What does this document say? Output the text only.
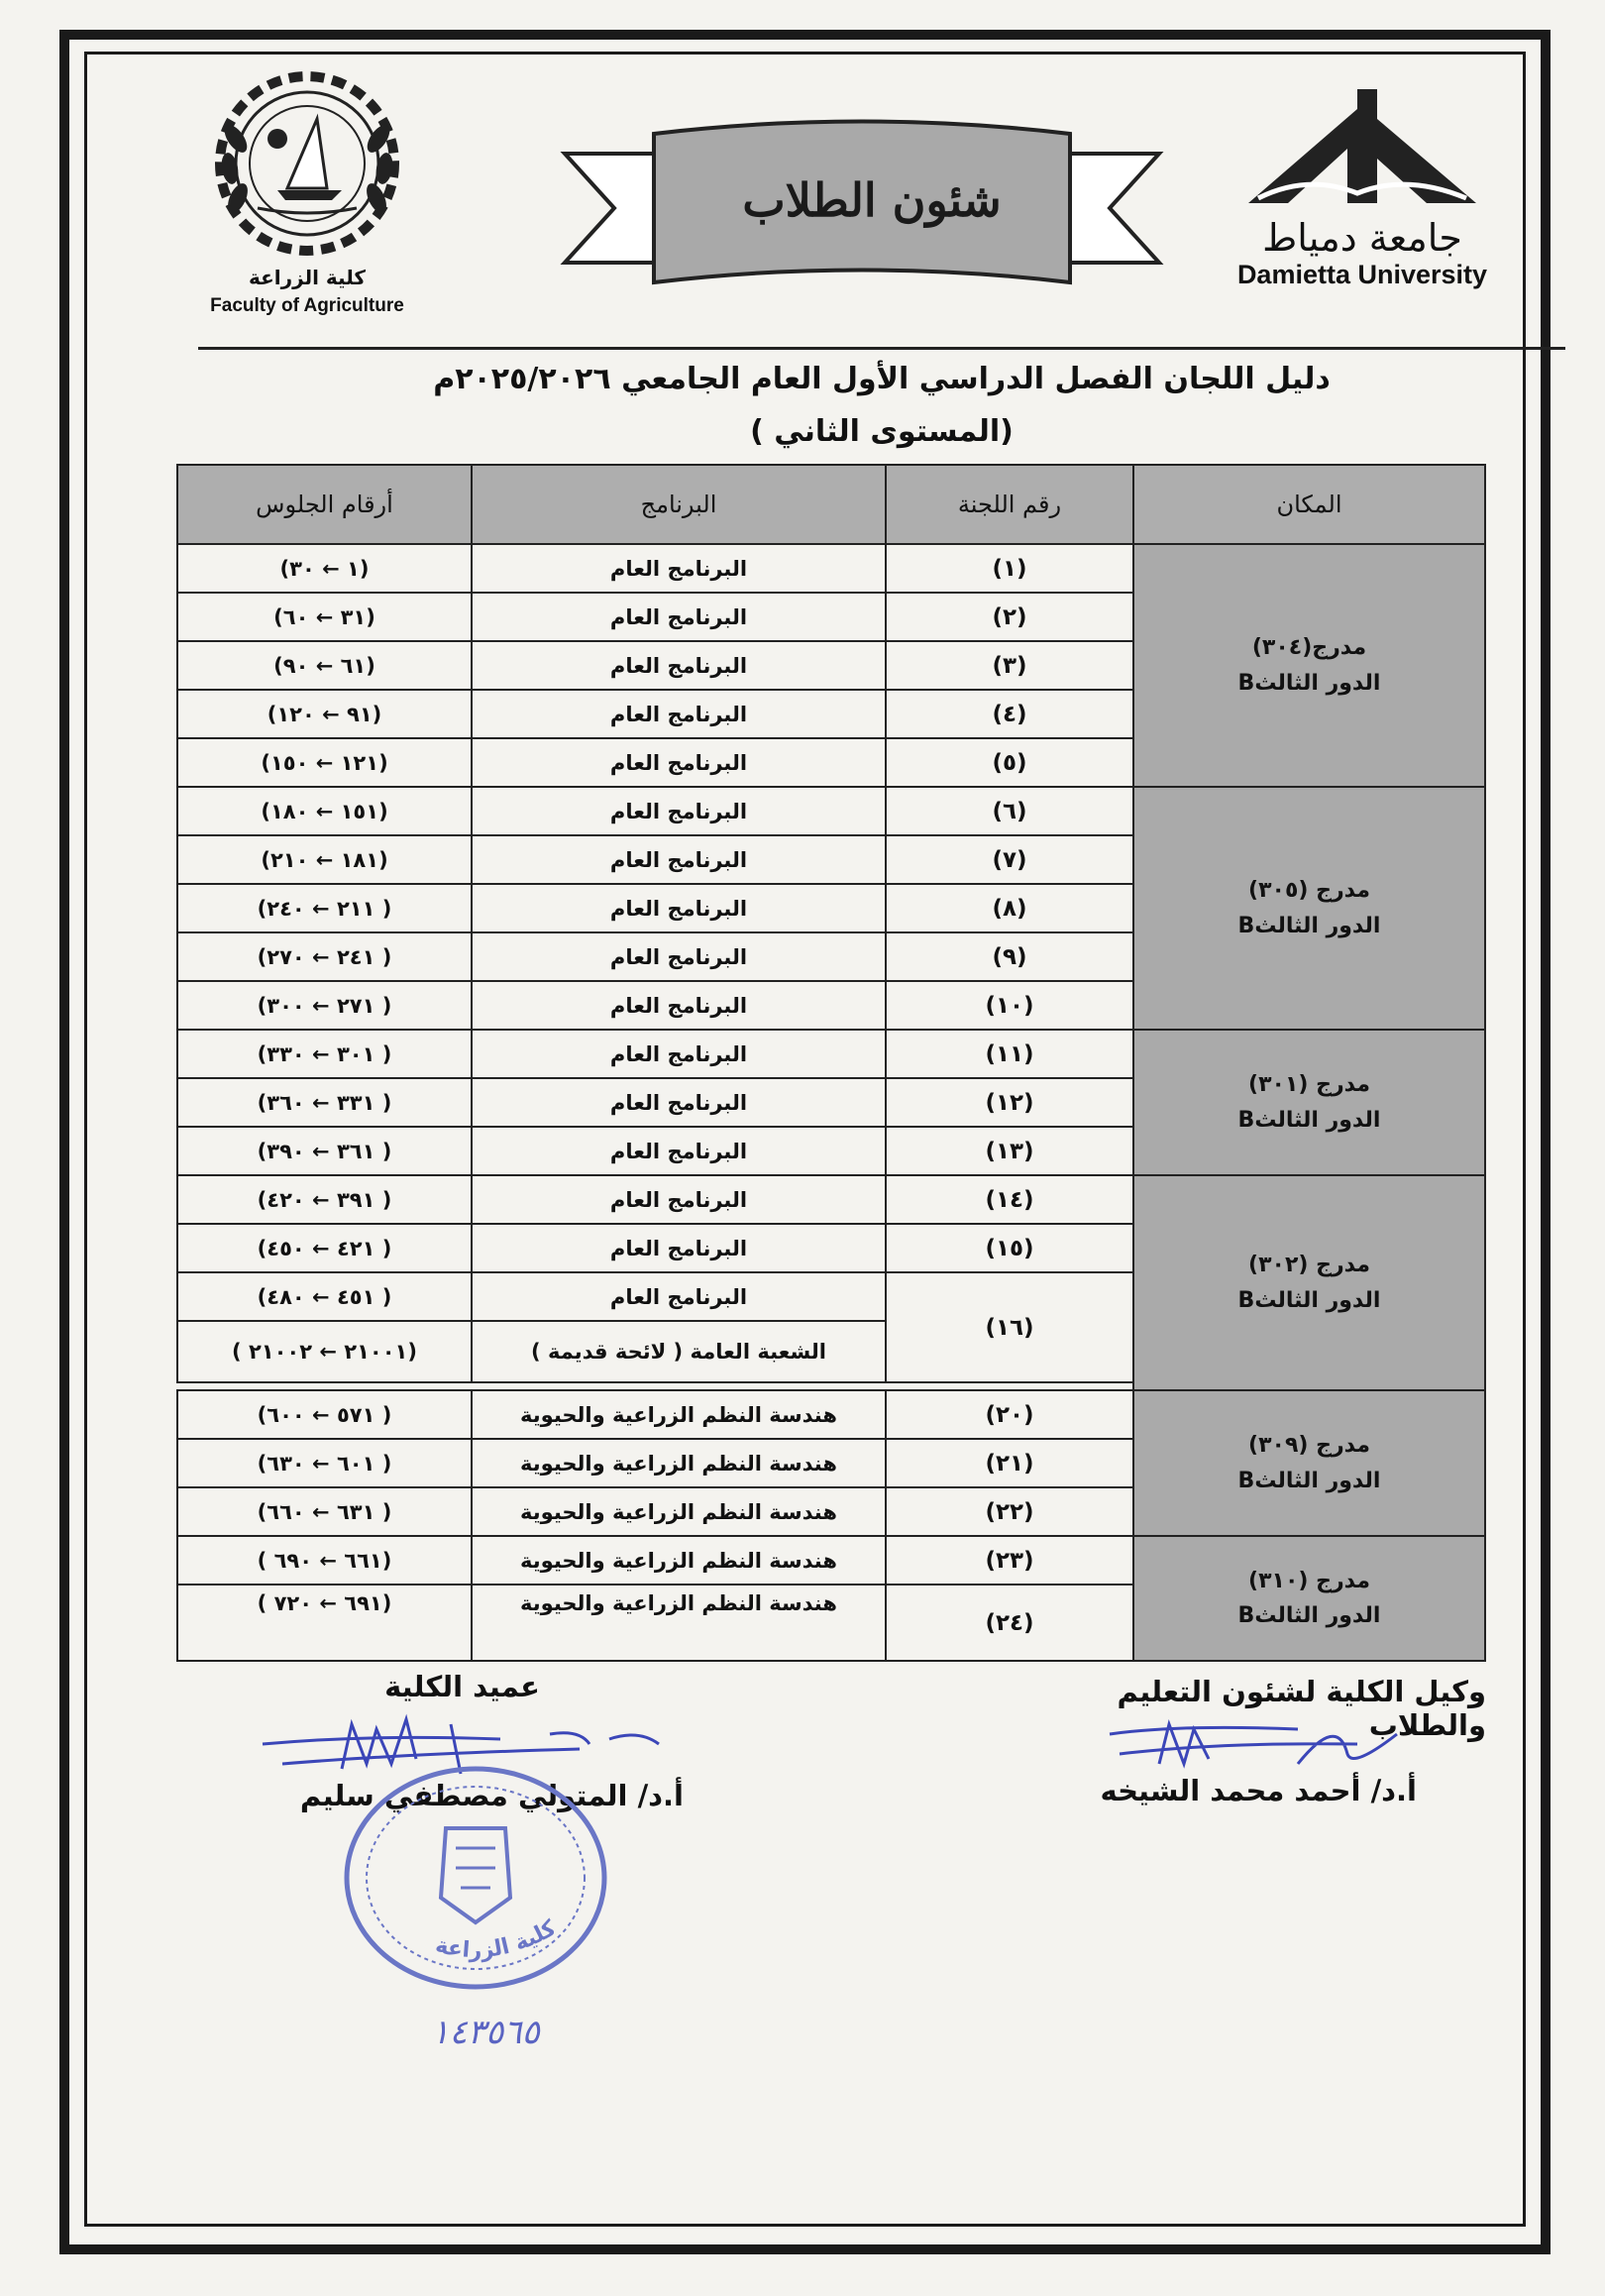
كلية الزراعة
Faculty of Agriculture
شئون الطلاب
جامعة دمياط
Damietta University
دليل اللجان الفصل الدراسي الأول العام الجامعي ٢٠٢٥/٢٠٢٦م
(المستوى الثاني )
المكان	رقم اللجنة	البرنامج	أرقام الجلوس
مدرج(٣٠٤)
الدور الثالثB	(١)	البرنامج العام	(١ ← ٣٠)
	(٢)	البرنامج العام	(٣١ ← ٦٠)
	(٣)	البرنامج العام	(٦١ ← ٩٠)
	(٤)	البرنامج العام	(٩١ ← ١٢٠)
	(٥)	البرنامج العام	(١٢١ ← ١٥٠)
مدرج (٣٠٥)
الدور الثالثB	(٦)	البرنامج العام	(١٥١ ← ١٨٠)
	(٧)	البرنامج العام	(١٨١ ← ٢١٠)
	(٨)	البرنامج العام	( ٢١١ ← ٢٤٠)
	(٩)	البرنامج العام	( ٢٤١ ← ٢٧٠)
	(١٠)	البرنامج العام	( ٢٧١ ← ٣٠٠)
مدرج (٣٠١)
الدور الثالثB	(١١)	البرنامج العام	( ٣٠١ ← ٣٣٠)
	(١٢)	البرنامج العام	( ٣٣١ ← ٣٦٠)
	(١٣)	البرنامج العام	( ٣٦١ ← ٣٩٠)
مدرج (٣٠٢)
الدور الثالثB	(١٤)	البرنامج العام	( ٣٩١ ← ٤٢٠)
	(١٥)	البرنامج العام	( ٤٢١ ← ٤٥٠)
	(١٦)	البرنامج العام	( ٤٥١ ← ٤٨٠)
		الشعبة العامة ( لائحة قديمة )	(٢١٠٠١ ← ٢١٠٠٢ )

مدرج (٣٠٩)
الدور الثالثB	(٢٠)	هندسة النظم الزراعية والحيوية	( ٥٧١ ← ٦٠٠)
	(٢١)	هندسة النظم الزراعية والحيوية	( ٦٠١ ← ٦٣٠)
	(٢٢)	هندسة النظم الزراعية والحيوية	( ٦٣١ ← ٦٦٠)
مدرج (٣١٠)
الدور الثالثB	(٢٣)	هندسة النظم الزراعية والحيوية	(٦٦١ ← ٦٩٠ )
	(٢٤)	هندسة النظم الزراعية والحيوية	(٦٩١ ← ٧٢٠ )
وكيل الكلية لشئون التعليم والطلاب
أ.د/ أحمد محمد الشيخه
عميد الكلية
أ.د/ المتولي مصطفي سليم
كلية الزراعة
١٤٣٥٦٥
